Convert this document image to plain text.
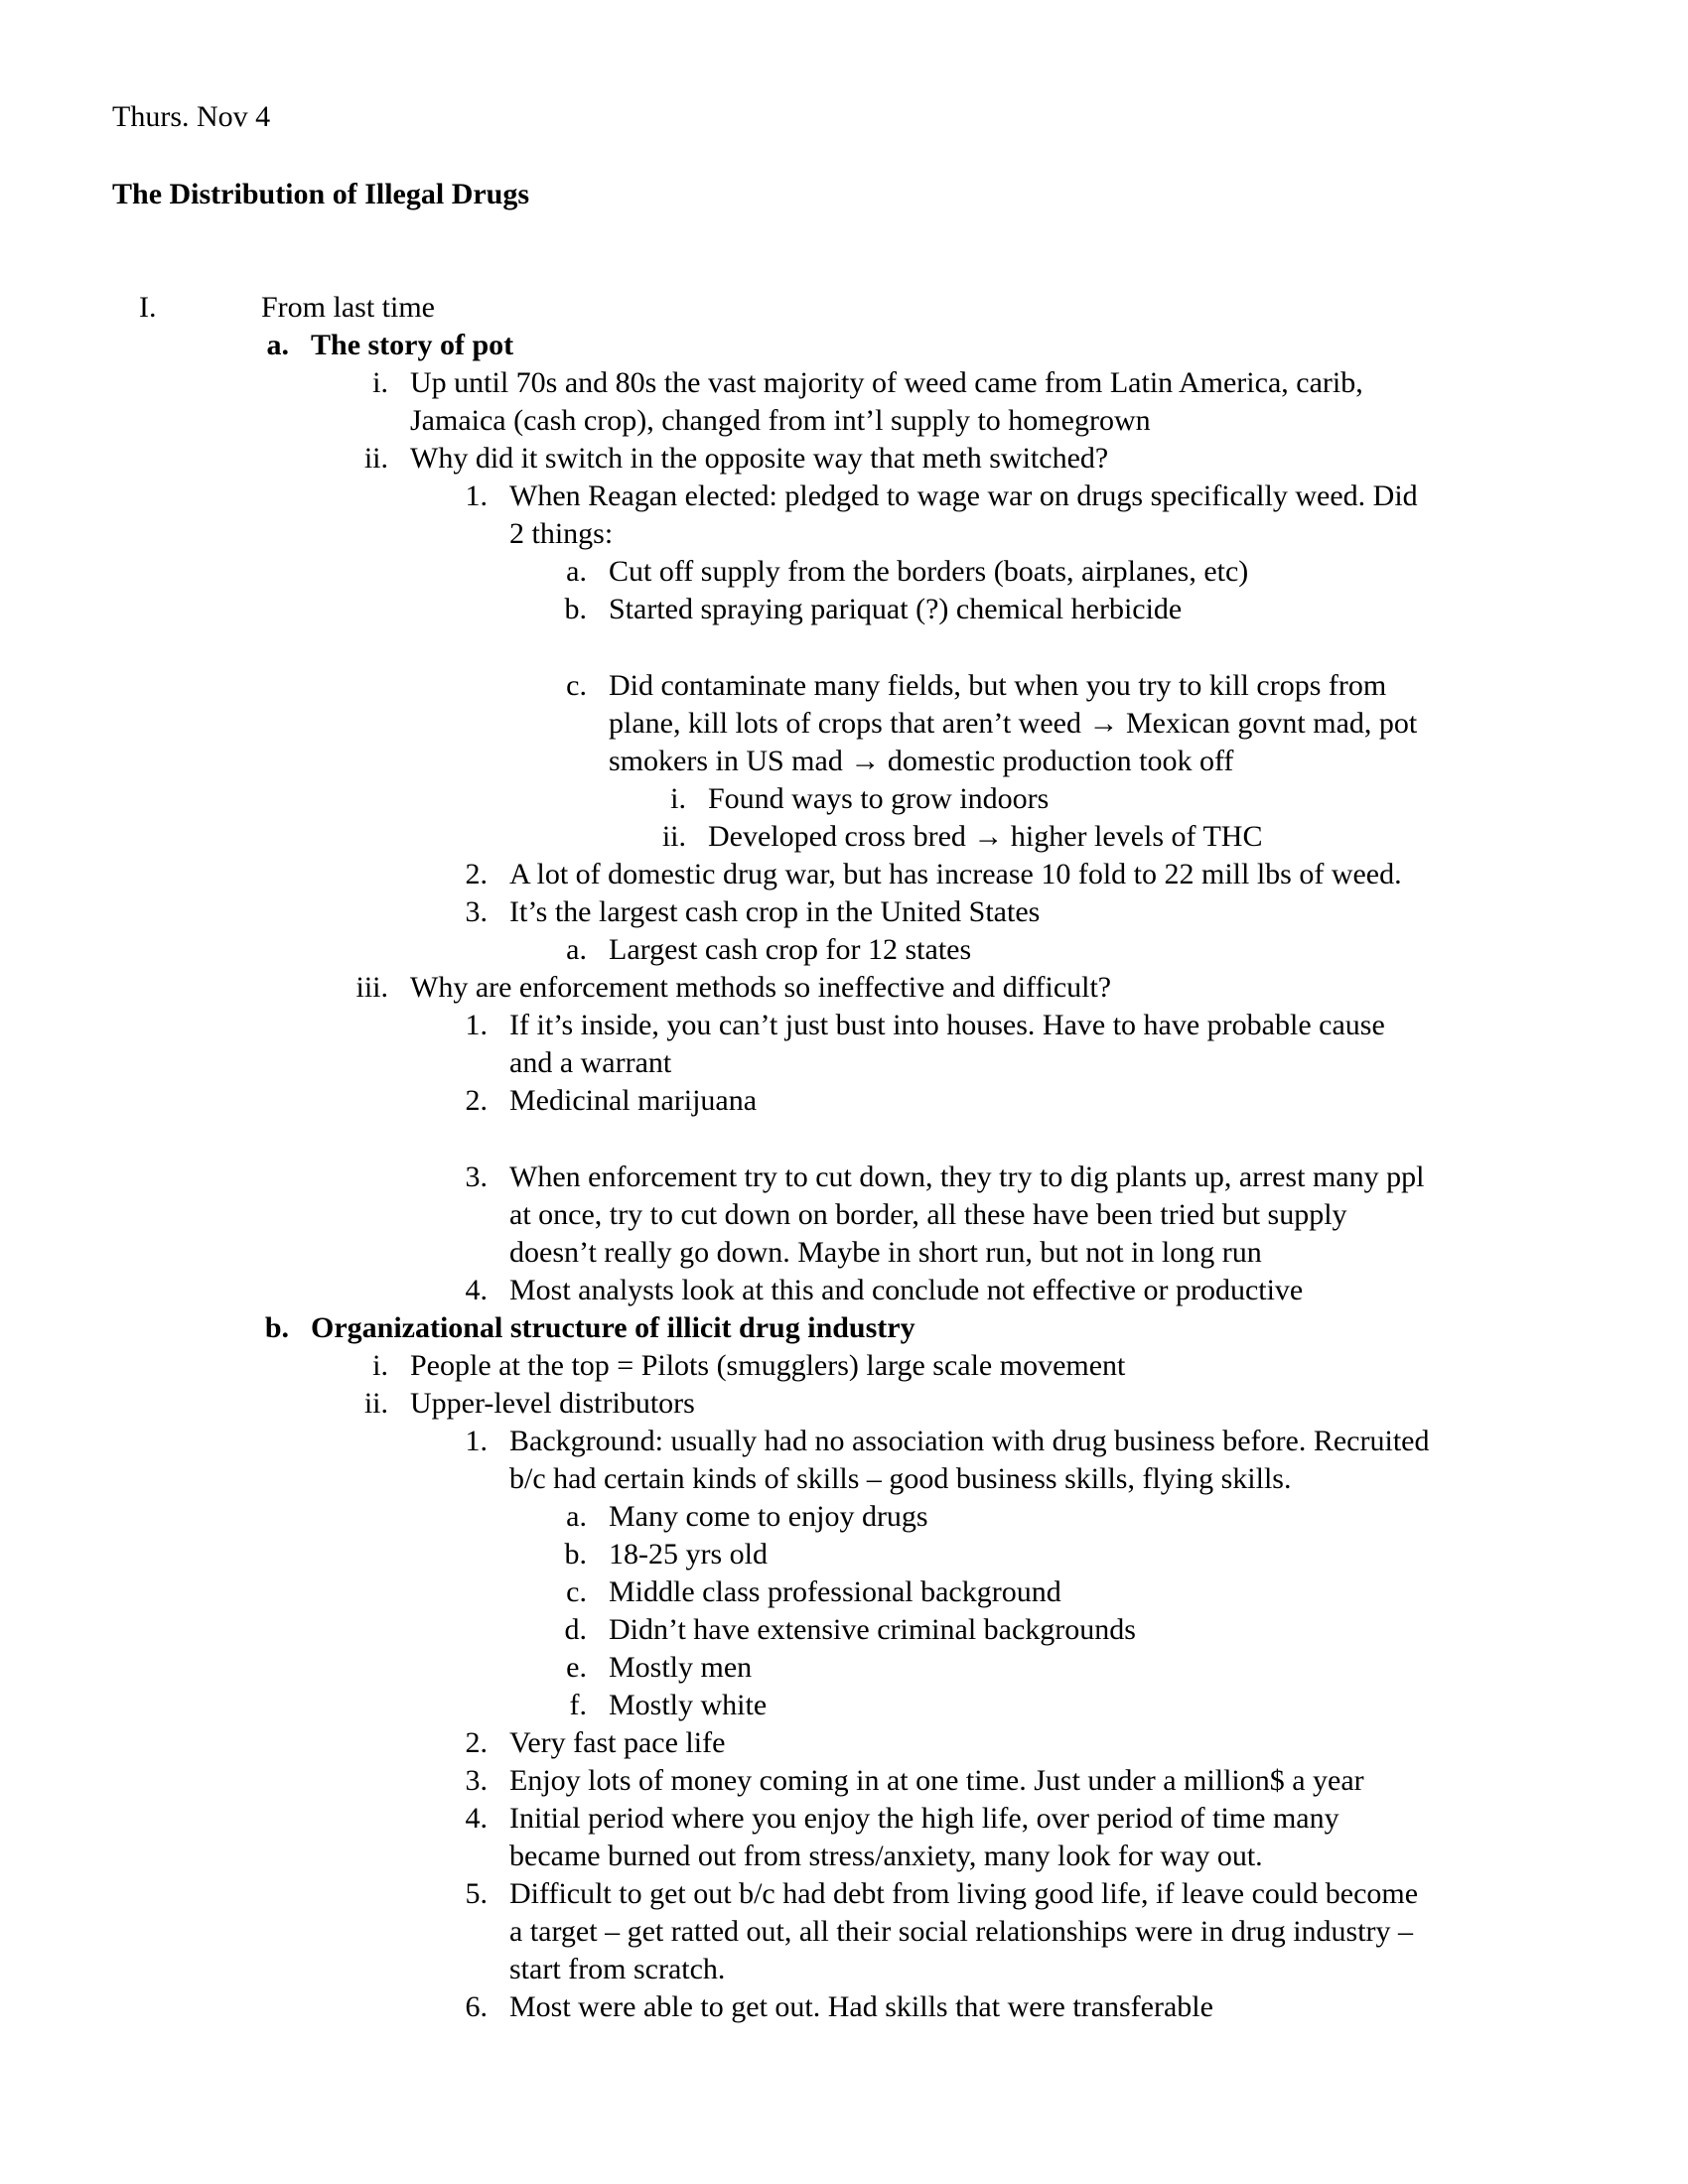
Thurs. Nov 4
The Distribution of Illegal Drugs
I.	From last time
a. The story of pot
i. Up until 70s and 80s the vast majority of weed came from Latin America, carib,
Jamaica (cash crop), changed from int’l supply to homegrown
ii. Why did it switch in the opposite way that meth switched?
1. When Reagan elected: pledged to wage war on drugs specifically weed. Did
2 things:
a. Cut off supply from the borders (boats, airplanes, etc)
b. Started spraying pariquat (?) chemical herbicide
c. Did contaminate many fields, but when you try to kill crops from
plane, kill lots of crops that aren’t weed → Mexican govnt mad, pot
smokers in US mad → domestic production took off
i. Found ways to grow indoors
ii. Developed cross bred → higher levels of THC
2. A lot of domestic drug war, but has increase 10 fold to 22 mill lbs of weed.
3. It’s the largest cash crop in the United States
a. Largest cash crop for 12 states
iii. Why are enforcement methods so ineffective and difficult?
1. If it’s inside, you can’t just bust into houses. Have to have probable cause
and a warrant
2. Medicinal marijuana
3. When enforcement try to cut down, they try to dig plants up, arrest many ppl
at once, try to cut down on border, all these have been tried but supply
doesn’t really go down. Maybe in short run, but not in long run
4. Most analysts look at this and conclude not effective or productive
b. Organizational structure of illicit drug industry
i. People at the top = Pilots (smugglers) large scale movement
ii. Upper-level distributors
1. Background: usually had no association with drug business before. Recruited
b/c had certain kinds of skills – good business skills, flying skills.
a. Many come to enjoy drugs
b. 18-25 yrs old
c. Middle class professional background
d. Didn’t have extensive criminal backgrounds
e. Mostly men
f. Mostly white
2. Very fast pace life
3. Enjoy lots of money coming in at one time. Just under a million$ a year
4. Initial period where you enjoy the high life, over period of time many
became burned out from stress/anxiety, many look for way out.
5. Difficult to get out b/c had debt from living good life, if leave could become
a target – get ratted out, all their social relationships were in drug industry –
start from scratch.
6. Most were able to get out. Had skills that were transferable
